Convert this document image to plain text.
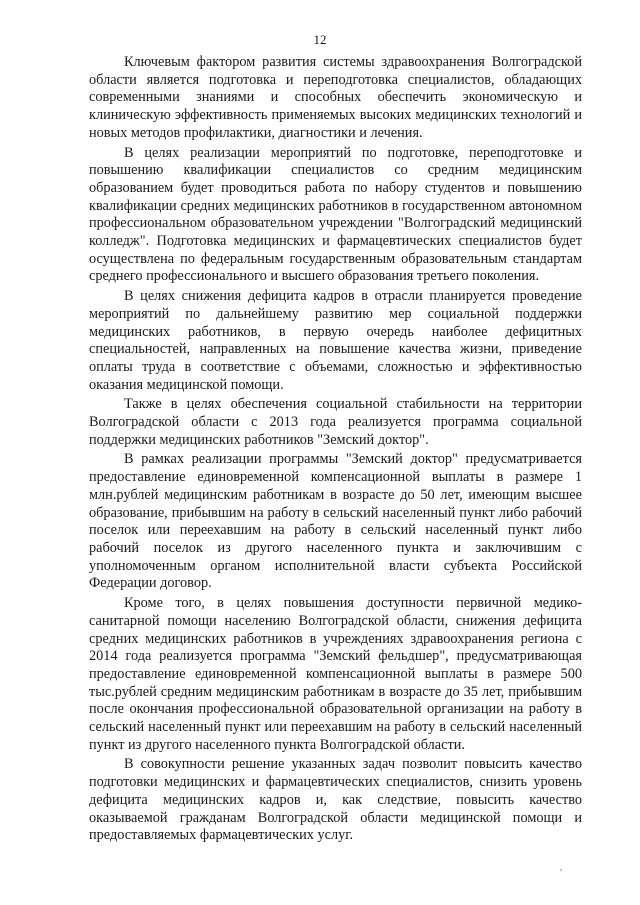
12

Ключевым фактором развития системы здравоохранения Волгоградской области является подготовка и переподготовка специалистов, обладающих современными знаниями и способных обеспечить экономическую и клиническую эффективность применяемых высоких медицинских технологий и новых методов профилактики, диагностики и лечения.

В целях реализации мероприятий по подготовке, переподготовке и повышению квалификации специалистов со средним медицинским образованием будет проводиться работа по набору студентов и повышению квалификации средних медицинских работников в государственном автономном профессиональном образовательном учреждении "Волгоградский медицинский колледж". Подготовка медицинских и фармацевтических специалистов будет осуществлена по федеральным государственным образовательным стандартам среднего профессионального и высшего образования третьего поколения.

В целях снижения дефицита кадров в отрасли планируется проведение мероприятий по дальнейшему развитию мер социальной поддержки медицинских работников, в первую очередь наиболее дефицитных специальностей, направленных на повышение качества жизни, приведение оплаты труда в соответствие с объемами, сложностью и эффективностью оказания медицинской помощи.

Также в целях обеспечения социальной стабильности на территории Волгоградской области с 2013 года реализуется программа социальной поддержки медицинских работников "Земский доктор".

В рамках реализации программы "Земский доктор" предусматривается предоставление единовременной компенсационной выплаты в размере 1 млн.рублей медицинским работникам в возрасте до 50 лет, имеющим высшее образование, прибывшим на работу в сельский населенный пункт либо рабочий поселок или переехавшим на работу в сельский населенный пункт либо рабочий поселок из другого населенного пункта и заключившим с уполномоченным органом исполнительной власти субъекта Российской Федерации договор.

Кроме того, в целях повышения доступности первичной медико-санитарной помощи населению Волгоградской области, снижения дефицита средних медицинских работников в учреждениях здравоохранения региона с 2014 года реализуется программа "Земский фельдшер", предусматривающая предоставление единовременной компенсационной выплаты в размере 500 тыс.рублей средним медицинским работникам в возрасте до 35 лет, прибывшим после окончания профессиональной образовательной организации на работу в сельский населенный пункт или переехавшим на работу в сельский населенный пункт из другого населенного пункта Волгоградской области.

В совокупности решение указанных задач позволит повысить качество подготовки медицинских и фармацевтических специалистов, снизить уровень дефицита медицинских кадров и, как следствие, повысить качество оказываемой гражданам Волгоградской области медицинской помощи и предоставляемых фармацевтических услуг.

,
